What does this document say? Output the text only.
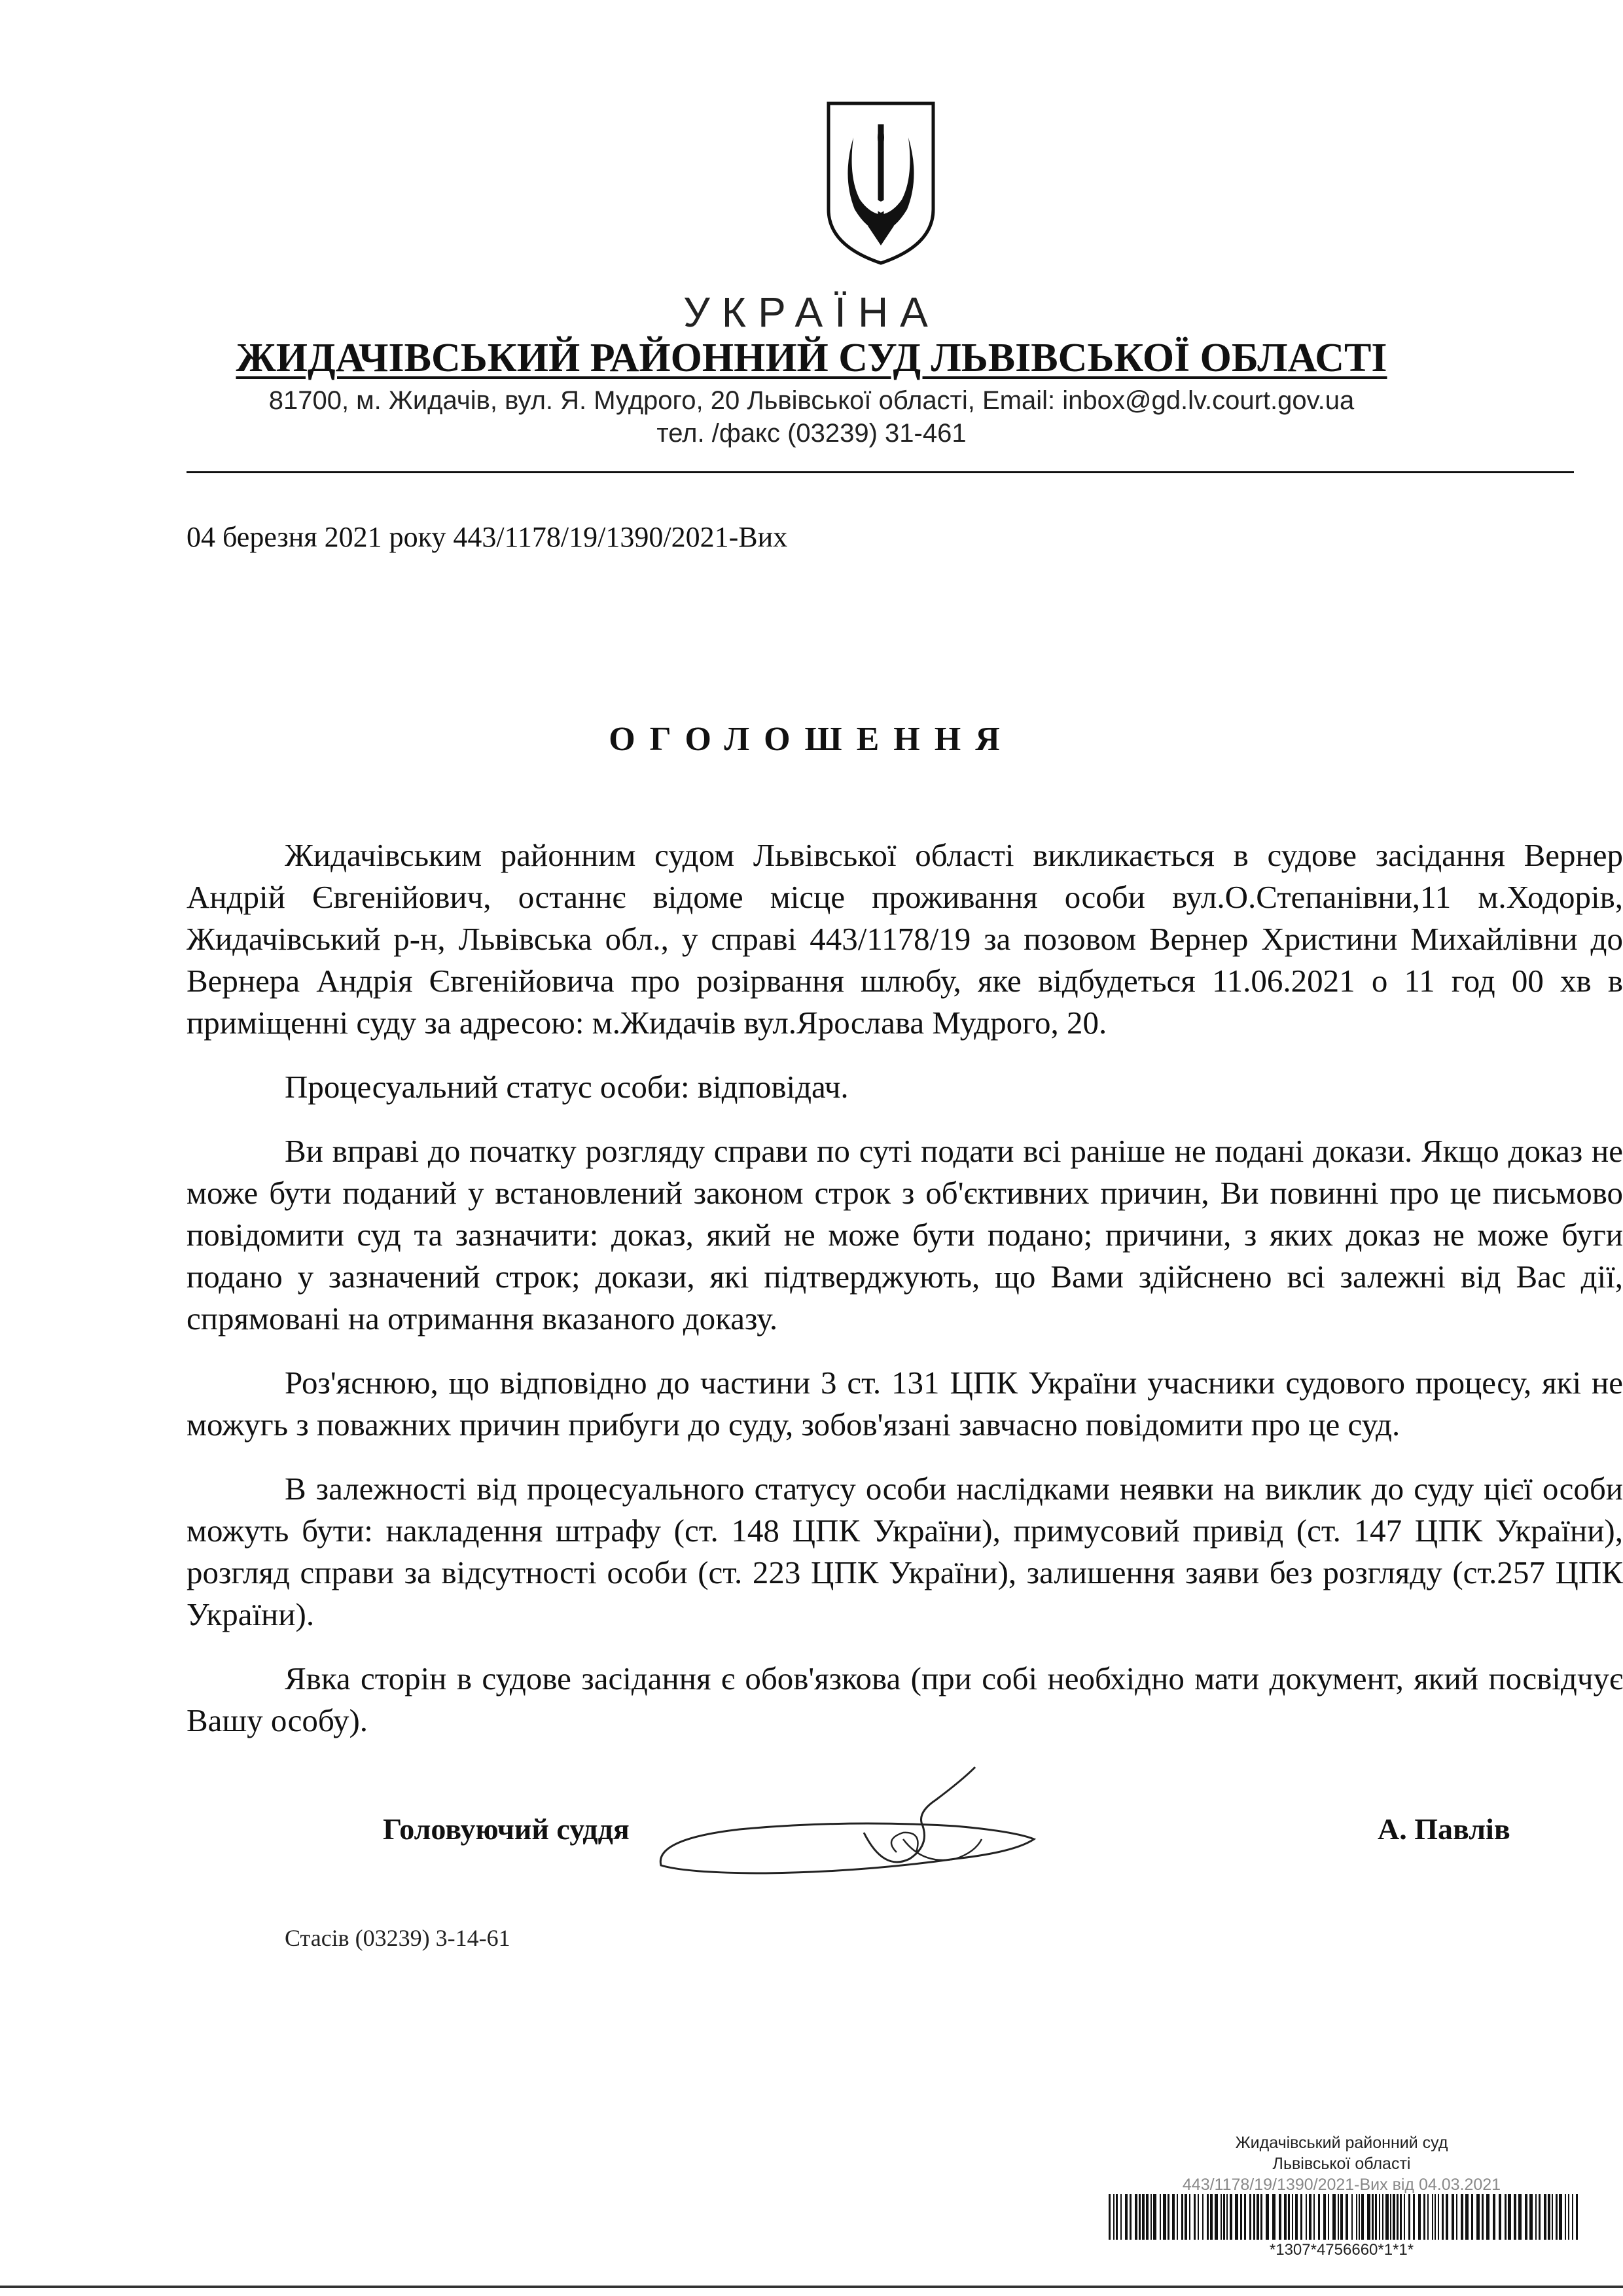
УКРАЇНА
ЖИДАЧІВСЬКИЙ РАЙОННИЙ СУД ЛЬВІВСЬКОЇ ОБЛАСТІ
81700, м. Жидачів, вул. Я. Мудрого, 20 Львівської області, Email: inbox@gd.lv.court.gov.ua
тел. /факс (03239) 31-461
04 березня 2021 року 443/1178/19/1390/2021-Вих
ОГОЛОШЕННЯ

Жидачівським районним судом Львівської області викликається в судове засідання Вернер Андрій Євгенійович, останнє відоме місце проживання особи вул.О.Степанівни,11 м.Ходорів, Жидачівський р-н, Львівська обл., у справі 443/1178/19 за позовом Вернер Христини Михайлівни до Вернера Андрія Євгенійовича про розірвання шлюбу, яке відбудеться 11.06.2021 о 11 год 00 хв в приміщенні суду за адресою: м.Жидачів вул.Ярослава Мудрого, 20.

Процесуальний статус особи: відповідач.

Ви вправі до початку розгляду справи по суті подати всі раніше не подані докази. Якщо доказ не може бути поданий у встановлений законом строк з об'єктивних причин, Ви повинні про це письмово повідомити суд та зазначити: доказ, який не може бути подано; причини, з яких доказ не може буги подано у зазначений строк; докази, які підтверджують, що Вами здійснено всі залежні від Вас дії, спрямовані на отримання вказаного доказу.

Роз'яснюю, що відповідно до частини 3 ст. 131 ЦПК України учасники судового процесу, які не можугь з поважних причин прибуги до суду, зобов'язані завчасно повідомити про це суд.

В залежності від процесуального статусу особи наслідками неявки на виклик до суду цієї особи можуть бути: накладення штрафу (ст. 148 ЦПК України), примусовий привід (ст. 147 ЦПК України), розгляд справи за відсутності особи (ст. 223 ЦПК України), залишення заяви без розгляду (ст.257 ЦПК України).

Явка сторін в судове засідання є обов'язкова (при собі необхідно мати документ, який посвідчує Вашу особу).

Головуючий суддя	А. Павлів
Стасів (03239) 3-14-61
Жидачівський районний суд
Львівської області
443/1178/19/1390/2021-Вих від 04.03.2021
*1307*4756660*1*1*
